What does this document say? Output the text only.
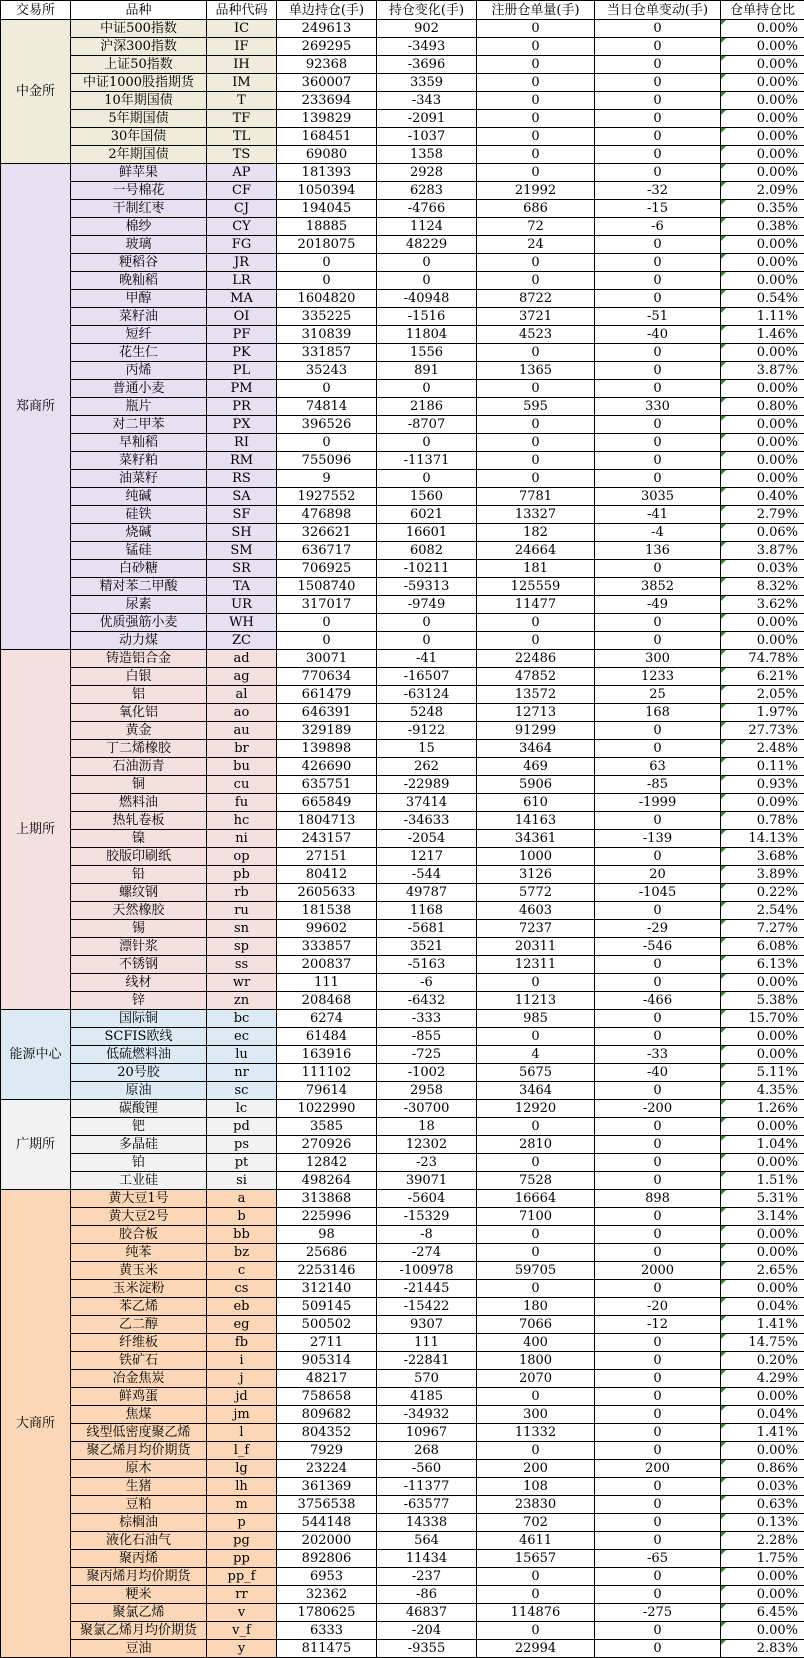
交易所	品种	品种代码	单边持仓(手)	持仓变化(手)	注册仓单量(手)	当日仓单变动(手)	仓单持仓比
中金所	中证500指数	IC	249613	902	0	0	0.00%
	沪深300指数	IF	269295	-3493	0	0	0.00%
	上证50指数	IH	92368	-3696	0	0	0.00%
	中证1000股指期货	IM	360007	3359	0	0	0.00%
	10年期国债	T	233694	-343	0	0	0.00%
	5年期国债	TF	139829	-2091	0	0	0.00%
	30年国债	TL	168451	-1037	0	0	0.00%
	2年期国债	TS	69080	1358	0	0	0.00%
郑商所	鲜苹果	AP	181393	2928	0	0	0.00%
	一号棉花	CF	1050394	6283	21992	-32	2.09%
	干制红枣	CJ	194045	-4766	686	-15	0.35%
	棉纱	CY	18885	1124	72	-6	0.38%
	玻璃	FG	2018075	48229	24	0	0.00%
	粳稻谷	JR	0	0	0	0	0.00%
	晚籼稻	LR	0	0	0	0	0.00%
	甲醇	MA	1604820	-40948	8722	0	0.54%
	菜籽油	OI	335225	-1516	3721	-51	1.11%
	短纤	PF	310839	11804	4523	-40	1.46%
	花生仁	PK	331857	1556	0	0	0.00%
	丙烯	PL	35243	891	1365	0	3.87%
	普通小麦	PM	0	0	0	0	0.00%
	瓶片	PR	74814	2186	595	330	0.80%
	对二甲苯	PX	396526	-8707	0	0	0.00%
	早籼稻	RI	0	0	0	0	0.00%
	菜籽粕	RM	755096	-11371	0	0	0.00%
	油菜籽	RS	9	0	0	0	0.00%
	纯碱	SA	1927552	1560	7781	3035	0.40%
	硅铁	SF	476898	6021	13327	-41	2.79%
	烧碱	SH	326621	16601	182	-4	0.06%
	锰硅	SM	636717	6082	24664	136	3.87%
	白砂糖	SR	706925	-10211	181	0	0.03%
	精对苯二甲酸	TA	1508740	-59313	125559	3852	8.32%
	尿素	UR	317017	-9749	11477	-49	3.62%
	优质强筋小麦	WH	0	0	0	0	0.00%
	动力煤	ZC	0	0	0	0	0.00%
上期所	铸造铝合金	ad	30071	-41	22486	300	74.78%
	白银	ag	770634	-16507	47852	1233	6.21%
	铝	al	661479	-63124	13572	25	2.05%
	氧化铝	ao	646391	5248	12713	168	1.97%
	黄金	au	329189	-9122	91299	0	27.73%
	丁二烯橡胶	br	139898	15	3464	0	2.48%
	石油沥青	bu	426690	262	469	63	0.11%
	铜	cu	635751	-22989	5906	-85	0.93%
	燃料油	fu	665849	37414	610	-1999	0.09%
	热轧卷板	hc	1804713	-34633	14163	0	0.78%
	镍	ni	243157	-2054	34361	-139	14.13%
	胶版印刷纸	op	27151	1217	1000	0	3.68%
	铅	pb	80412	-544	3126	20	3.89%
	螺纹钢	rb	2605633	49787	5772	-1045	0.22%
	天然橡胶	ru	181538	1168	4603	0	2.54%
	锡	sn	99602	-5681	7237	-29	7.27%
	漂针浆	sp	333857	3521	20311	-546	6.08%
	不锈钢	ss	200837	-5163	12311	0	6.13%
	线材	wr	111	-6	0	0	0.00%
	锌	zn	208468	-6432	11213	-466	5.38%
能源中心	国际铜	bc	6274	-333	985	0	15.70%
	SCFIS欧线	ec	61484	-855	0	0	0.00%
	低硫燃料油	lu	163916	-725	4	-33	0.00%
	20号胶	nr	111102	-1002	5675	-40	5.11%
	原油	sc	79614	2958	3464	0	4.35%
广期所	碳酸锂	lc	1022990	-30700	12920	-200	1.26%
	钯	pd	3585	18	0	0	0.00%
	多晶硅	ps	270926	12302	2810	0	1.04%
	铂	pt	12842	-23	0	0	0.00%
	工业硅	si	498264	39071	7528	0	1.51%
大商所	黄大豆1号	a	313868	-5604	16664	898	5.31%
	黄大豆2号	b	225996	-15329	7100	0	3.14%
	胶合板	bb	98	-8	0	0	0.00%
	纯苯	bz	25686	-274	0	0	0.00%
	黄玉米	c	2253146	-100978	59705	2000	2.65%
	玉米淀粉	cs	312140	-21445	0	0	0.00%
	苯乙烯	eb	509145	-15422	180	-20	0.04%
	乙二醇	eg	500502	9307	7066	-12	1.41%
	纤维板	fb	2711	111	400	0	14.75%
	铁矿石	i	905314	-22841	1800	0	0.20%
	冶金焦炭	j	48217	570	2070	0	4.29%
	鲜鸡蛋	jd	758658	4185	0	0	0.00%
	焦煤	jm	809682	-34932	300	0	0.04%
	线型低密度聚乙烯	l	804352	10967	11332	0	1.41%
	聚乙烯月均价期货	l_f	7929	268	0	0	0.00%
	原木	lg	23224	-560	200	200	0.86%
	生猪	lh	361369	-11377	108	0	0.03%
	豆粕	m	3756538	-63577	23830	0	0.63%
	棕榈油	p	544148	14338	702	0	0.13%
	液化石油气	pg	202000	564	4611	0	2.28%
	聚丙烯	pp	892806	11434	15657	-65	1.75%
	聚丙烯月均价期货	pp_f	6953	-237	0	0	0.00%
	粳米	rr	32362	-86	0	0	0.00%
	聚氯乙烯	v	1780625	46837	114876	-275	6.45%
	聚氯乙烯月均价期货	v_f	6333	-204	0	0	0.00%
	豆油	y	811475	-9355	22994	0	2.83%
